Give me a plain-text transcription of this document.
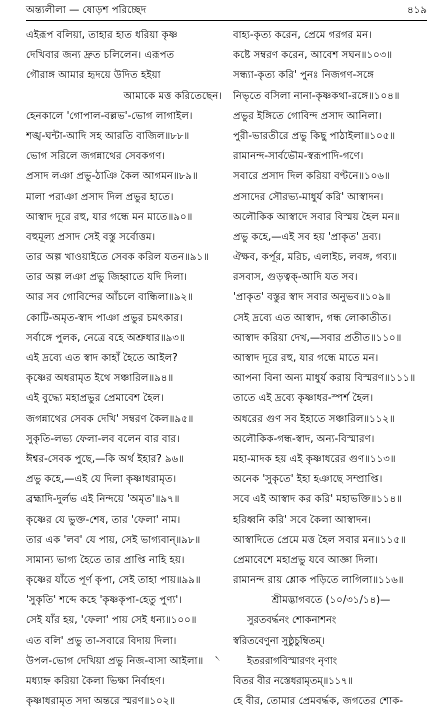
অন্ত্যলীলা — ষোড়শ পরিচ্ছেদ	৪১৯
এইরূপ বলিয়া, তাহার হাত ধরিয়া কৃষ্ণ
দেখিবার জন্য দ্রুত চলিলেন। এরূপত
গৌরাঙ্গ আমার হৃদয়ে উদিত হইয়া
আমাকে মত্ত করিতেছেন।
হেনকালে 'গোপাল-বল্লভ'-ভোগ লাগাইল।
শঙ্খ-ঘন্টা-আদি সহ আরতি বাজিল॥৮৮॥
ভোগ সরিলে জগন্নাথের সেবকগণ।
প্রসাদ লঞা প্রভু-ঠাঞি কৈল আগমন॥৮৯॥
মালা পরাঞা প্রসাদ দিল প্রভুর হাতে।
আস্বাদ দূরে রহু, যার গন্ধে মন মাতে॥৯০॥
বহুমূল্য প্রসাদ সেই বস্তু সর্বোত্তম।
তার অল্প খাওয়াইতে সেবক করিল যতন॥৯১॥
তার অল্প লঞা প্রভু জিহ্বাতে যদি দিলা।
আর সব গোবিন্দের আঁচলে বান্ধিলা॥৯২॥
কোটি-অমৃত-স্বাদ পাঞা প্রভুর চমৎকার।
সর্বাঙ্গে পুলক, নেত্রে বহে অশ্রুধার॥৯৩॥
এই দ্রব্যে এত স্বাদ কাহাঁ হৈতে আইল?
কৃষ্ণের অধরামৃত ইথে সঞ্চারিল॥৯৪॥
এই বুদ্ধ্যে মহাপ্রভুর প্রেমাবেশ হৈল।
জগন্নাথের সেবক দেখি' সম্বরণ কৈল॥৯৫॥
সুকৃতি-লভ্য ফেলা-লব বলেন বার বার।
ঈশ্বর-সেবক পুছে,—কি অর্থ ইহার? ৯৬॥
প্রভু কহে,—এই যে দিলা কৃষ্ণাধরামৃত।
ব্রহ্মাদি-দুর্লভ এই নিন্দয়ে 'অমৃত'॥৯৭॥
কৃষ্ণের যে ভুক্ত-শেষ, তার 'ফেলা' নাম।
তার এক 'লব' যে পায়, সেই ভাগ্যবান্॥৯৮॥
সামান্য ভাগ্য হৈতে তার প্রাপ্তি নাহি হয়।
কৃষ্ণের যাঁতে পূর্ণ কৃপা, সেই তাহা পায়॥৯৯॥
'সুকৃতি' শব্দে কহে 'কৃষ্ণকৃপা-হেতু পুণ্য'।
সেই যাঁর হয়, 'ফেলা' পায় সেই ধন্য॥১০০॥
এত বলি' প্রভু তা-সবারে বিদায় দিলা।
উপল-ভোগ দেখিয়া প্রভু নিজ-বাসা আইলা॥
মধ্যাহ্ন করিয়া কৈলা ভিক্ষা নির্বাহণ।
কৃষ্ণাধরামৃত সদা অন্তরে স্মরণ॥১০২॥
বাহ্য-কৃত্য করেন, প্রেমে গরগর মন।
কষ্টে সম্বরণ করেন, আবেশ সঘন॥১০৩॥
সন্ধ্যা-কৃত্য করি' পুনঃ নিজগণ-সঙ্গে
নিভৃতে বসিলা নানা-কৃষ্ণকথা-রঙ্গে॥১০৪॥
প্রভুর ইঙ্গিতে গোবিন্দ প্রসাদ আনিলা।
পুরী-ভারতীরে প্রভু কিছু পাঠাইলা॥১০৫॥
রামানন্দ-সার্বভৌম-স্বরূপাদি-গণে।
সবারে প্রসাদ দিল করিয়া বণ্টনে॥১০৬॥
প্রসাদের সৌরভ্য-মাধুর্য করি' আস্বাদন।
অলৌকিক আস্বাদে সবার বিস্ময় হৈল মন॥
প্রভু কহে,—এই সব হয় 'প্রাকৃত' দ্রব্য।
ঐক্ষব, কর্পূর, মরিচ, এলাইচ, লবঙ্গ, গব্য॥
রসবাস, গুড়ত্বক্-আদি যত সব।
'প্রাকৃত' বস্তুর স্বাদ সবার অনুভব॥১০৯॥
সেই দ্রব্যে এত আস্বাদ, গন্ধ লোকাতীত।
আস্বাদ করিয়া দেখ,—সবার প্রতীত॥১১০॥
আস্বাদ দূরে রহু, যার গন্ধে মাতে মন।
আপনা বিনা অন্য মাধুর্য করায় বিস্মরণ॥১১১॥
তাতে এই দ্রব্যে কৃষ্ণাধর-স্পর্শ হৈল।
অধরের গুণ সব ইহাতে সঞ্চারিল॥১১২॥
অলৌকিক-গন্ধ-স্বাদ, অন্য-বিস্মারণ।
মহা-মাদক হয় এই কৃষ্ণাধরের গুণ॥১১৩॥
অনেক 'সুকৃতে' ইহা হঞাছে সম্প্রাপ্তি।
সবে এই আস্বাদ কর করি' মহাভক্তি॥১১৪॥
হরিধ্বনি করি' সবে কৈলা আস্বাদন।
আস্বাদিতে প্রেমে মত্ত হৈল সবার মন॥১১৫॥
প্রেমাবেশে মহাপ্রভু যবে আজ্ঞা দিলা।
রামানন্দ রায় শ্লোক পড়িতে লাগিলা॥১১৬॥
শ্রীমদ্ভাগবতে (১০/৩১/১৪)—
সুরতবর্দ্ধনং শোকনাশনং
স্বরিতবেণুনা সুষ্ঠুচুম্বিতম্।
ইতররাগবিস্মারণং নৃণাং
বিতর বীর নস্তেধরামৃতম্॥১১৭॥
হে বীর, তোমার প্রেমবর্দ্ধক, জগতের শোক-
৲
